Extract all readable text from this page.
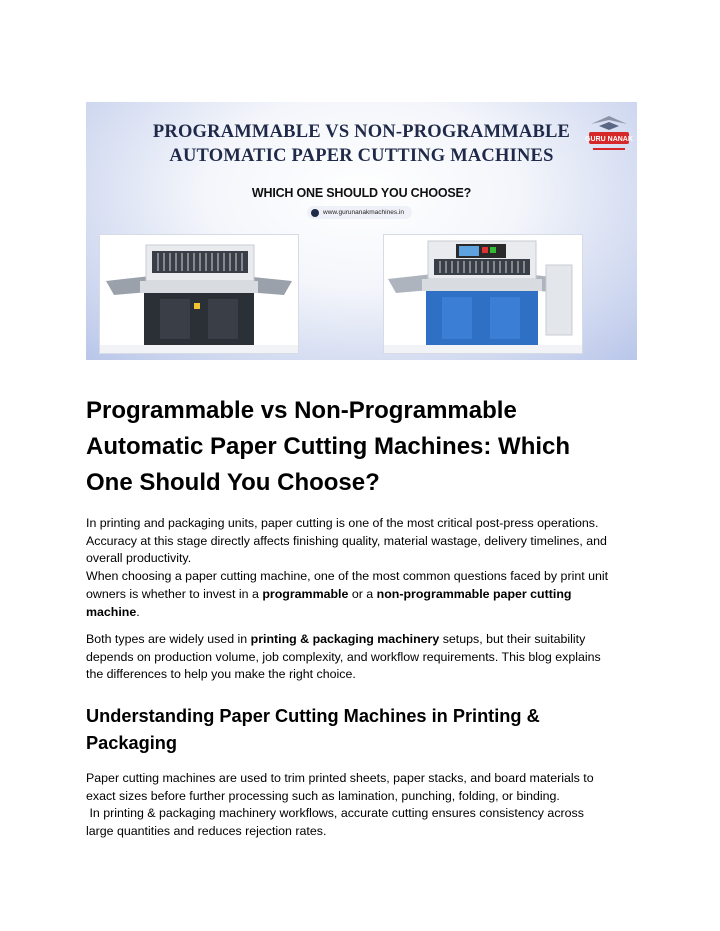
PROGRAMMABLE VS NON-PROGRAMMABLE
AUTOMATIC PAPER CUTTING MACHINES
WHICH ONE SHOULD YOU CHOOSE?
www.gurunanakmachines.in
GURU NANAK
Programmable vs Non-Programmable
Automatic Paper Cutting Machines: Which
One Should You Choose?
In printing and packaging units, paper cutting is one of the most critical post-press operations.
Accuracy at this stage directly affects finishing quality, material wastage, delivery timelines, and
overall productivity.
When choosing a paper cutting machine, one of the most common questions faced by print unit
owners is whether to invest in a programmable or a non-programmable paper cutting
machine.
Both types are widely used in printing & packaging machinery setups, but their suitability
depends on production volume, job complexity, and workflow requirements. This blog explains
the differences to help you make the right choice.
Understanding Paper Cutting Machines in Printing &
Packaging
Paper cutting machines are used to trim printed sheets, paper stacks, and board materials to
exact sizes before further processing such as lamination, punching, folding, or binding.
In printing & packaging machinery workflows, accurate cutting ensures consistency across
large quantities and reduces rejection rates.
